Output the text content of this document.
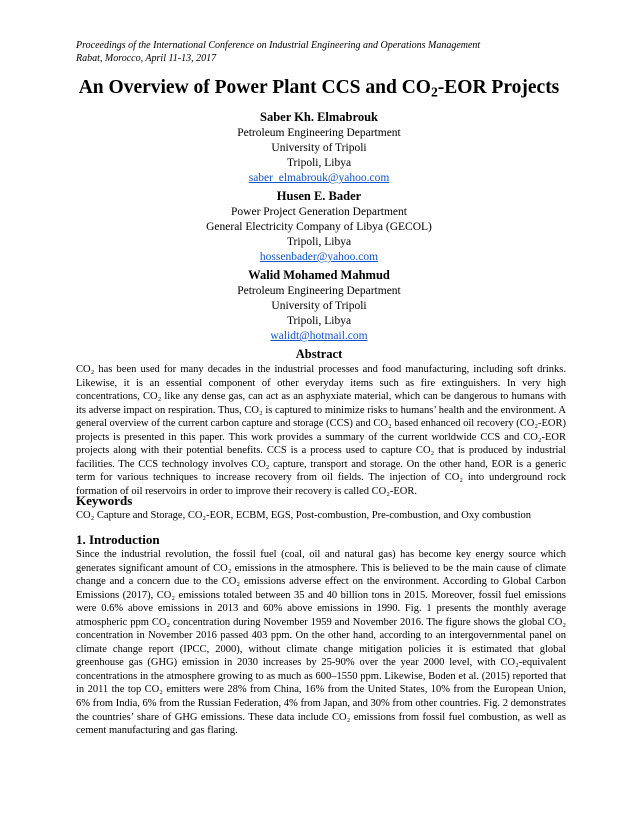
Proceedings of the International Conference on Industrial Engineering and Operations Management
Rabat, Morocco, April 11-13, 2017
An Overview of Power Plant CCS and $CO_2$-EOR Projects
Saber Kh. Elmabrouk
Petroleum Engineering Department
University of Tripoli
Tripoli, Libya
saber_elmabrouk@yahoo.com
Husen E. Bader
Power Project Generation Department
General Electricity Company of Libya (GECOL)
Tripoli, Libya
hossenbader@yahoo.com
Walid Mohamed Mahmud
Petroleum Engineering Department
University of Tripoli
Tripoli, Libya
walidt@hotmail.com
Abstract

CO₂ has been used for many decades in the industrial processes and food manufacturing, including soft drinks. Likewise, it is an essential component of other everyday items such as fire extinguishers. In very high concentrations, CO₂ like any dense gas, can act as an asphyxiate material, which can be dangerous to humans with its adverse impact on respiration. Thus, CO₂ is captured to minimize risks to humans’ health and the environment. A general overview of the current carbon capture and storage (CCS) and CO₂ based enhanced oil recovery (CO₂-EOR) projects is presented in this paper. This work provides a summary of the current worldwide CCS and CO₂-EOR projects along with their potential benefits. CCS is a process used to capture CO₂ that is produced by industrial facilities. The CCS technology involves CO₂ capture, transport and storage. On the other hand, EOR is a generic term for various techniques to increase recovery from oil fields. The injection of CO₂ into underground rock formation of oil reservoirs in order to improve their recovery is called CO₂-EOR.

Keywords

CO₂ Capture and Storage, CO₂-EOR, ECBM, EGS, Post-combustion, Pre-combustion, and Oxy combustion

1. Introduction

Since the industrial revolution, the fossil fuel (coal, oil and natural gas) has become key energy source which generates significant amount of CO₂ emissions in the atmosphere. This is believed to be the main cause of climate change and a concern due to the CO₂ emissions adverse effect on the environment. According to Global Carbon Emissions (2017), CO₂ emissions totaled between 35 and 40 billion tons in 2015. Moreover, fossil fuel emissions were 0.6% above emissions in 2013 and 60% above emissions in 1990. Fig. 1 presents the monthly average atmospheric ppm CO₂ concentration during November 1959 and November 2016. The figure shows the global CO₂ concentration in November 2016 passed 403 ppm. On the other hand, according to an intergovernmental panel on climate change report (IPCC, 2000), without climate change mitigation policies it is estimated that global greenhouse gas (GHG) emission in 2030 increases by 25-90% over the year 2000 level, with CO₂-equivalent concentrations in the atmosphere growing to as much as 600–1550 ppm. Likewise, Boden et al. (2015) reported that in 2011 the top CO₂ emitters were 28% from China, 16% from the United States, 10% from the European Union, 6% from India, 6% from the Russian Federation, 4% from Japan, and 30% from other countries. Fig. 2 demonstrates the countries’ share of GHG emissions. These data include CO₂ emissions from fossil fuel combustion, as well as cement manufacturing and gas flaring.
